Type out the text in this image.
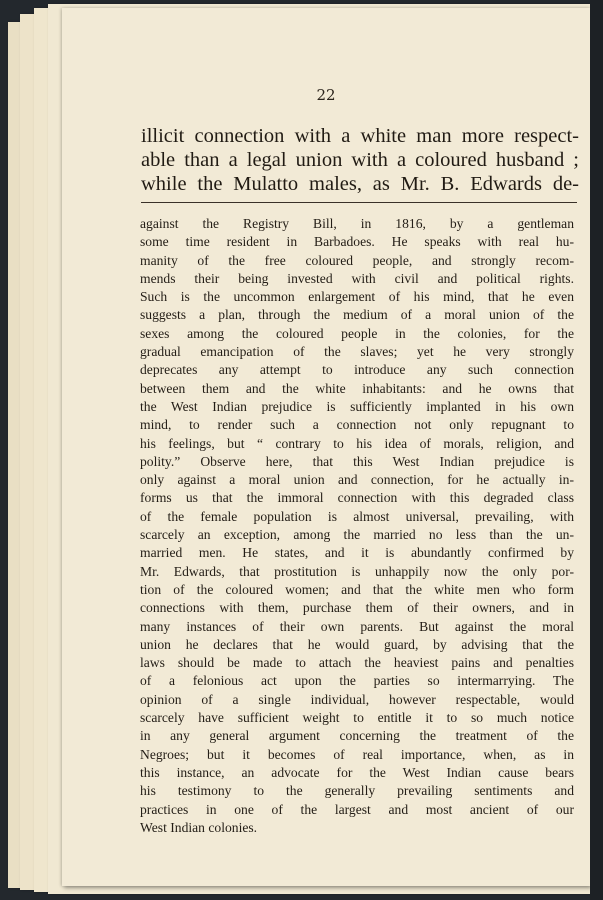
22

illicit connection with a white man more respect-
able than a legal union with a coloured husband ;
while the Mulatto males, as Mr. B. Edwards de-
against the Registry Bill, in 1816, by a gentleman
some time resident in Barbadoes. He speaks with real hu-
manity of the free coloured people, and strongly recom-
mends their being invested with civil and political rights.
Such is the uncommon enlargement of his mind, that he even
suggests a plan, through the medium of a moral union of the
sexes among the coloured people in the colonies, for the
gradual emancipation of the slaves; yet he very strongly
deprecates any attempt to introduce any such connection
between them and the white inhabitants: and he owns that
the West Indian prejudice is sufficiently implanted in his own
mind, to render such a connection not only repugnant to
his feelings, but “ contrary to his idea of morals, religion, and
polity.” Observe here, that this West Indian prejudice is
only against a moral union and connection, for he actually in-
forms us that the immoral connection with this degraded class
of the female population is almost universal, prevailing, with
scarcely an exception, among the married no less than the un-
married men. He states, and it is abundantly confirmed by
Mr. Edwards, that prostitution is unhappily now the only por-
tion of the coloured women; and that the white men who form
connections with them, purchase them of their owners, and in
many instances of their own parents. But against the moral
union he declares that he would guard, by advising that the
laws should be made to attach the heaviest pains and penalties
of a felonious act upon the parties so intermarrying. The
opinion of a single individual, however respectable, would
scarcely have sufficient weight to entitle it to so much notice
in any general argument concerning the treatment of the
Negroes; but it becomes of real importance, when, as in
this instance, an advocate for the West Indian cause bears
his testimony to the generally prevailing sentiments and
practices in one of the largest and most ancient of our
West Indian colonies.
